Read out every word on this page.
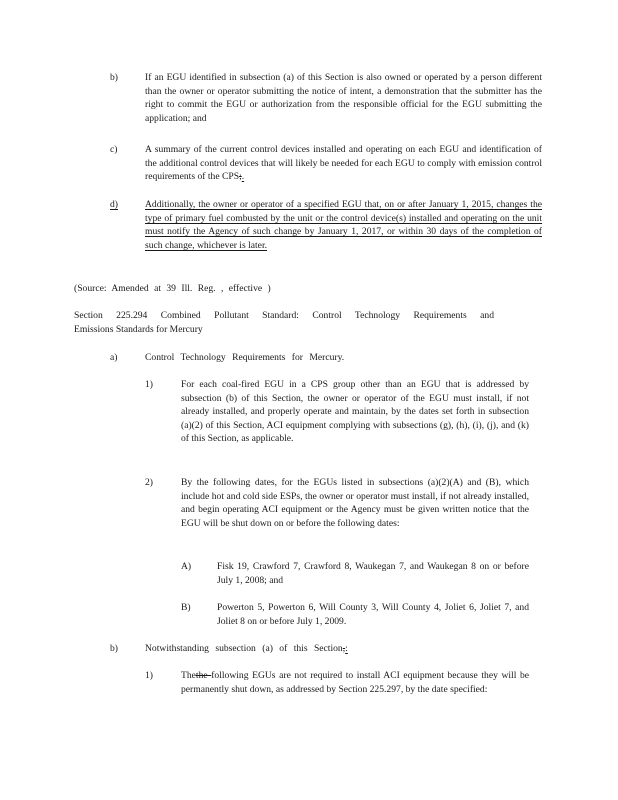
b)	If an EGU identified in subsection (a) of this Section is also owned or operated by a person different than the owner or operator submitting the notice of intent, a demonstration that the submitter has the right to commit the EGU or authorization from the responsible official for the EGU submitting the application; and
c)	A summary of the current control devices installed and operating on each EGU and identification of the additional control devices that will likely be needed for each EGU to comply with emission control requirements of the CPS;.
d)	Additionally, the owner or operator of a specified EGU that, on or after January 1, 2015, changes the type of primary fuel combusted by the unit or the control device(s) installed and operating on the unit must notify the Agency of such change by January 1, 2017, or within 30 days of the completion of such change, whichever is later.
(Source: Amended at 39 Ill. Reg. , effective )
Section 225.294 Combined Pollutant Standard: Control Technology Requirements and
Emissions Standards for Mercury
a)	Control Technology Requirements for Mercury.
1)	For each coal-fired EGU in a CPS group other than an EGU that is addressed by subsection (b) of this Section, the owner or operator of the EGU must install, if not already installed, and properly operate and maintain, by the dates set forth in subsection (a)(2) of this Section, ACI equipment complying with subsections (g), (h), (i), (j), and (k) of this Section, as applicable.
2)	By the following dates, for the EGUs listed in subsections (a)(2)(A) and (B), which include hot and cold side ESPs, the owner or operator must install, if not already installed, and begin operating ACI equipment or the Agency must be given written notice that the EGU will be shut down on or before the following dates:
A)	Fisk 19, Crawford 7, Crawford 8, Waukegan 7, and Waukegan 8 on or before July 1, 2008; and
B)	Powerton 5, Powerton 6, Will County 3, Will County 4, Joliet 6, Joliet 7, and Joliet 8 on or before July 1, 2009.
b)	Notwithstanding subsection (a) of this Section,:
1)	Thethe following EGUs are not required to install ACI equipment because they will be permanently shut down, as addressed by Section 225.297, by the date specified:
